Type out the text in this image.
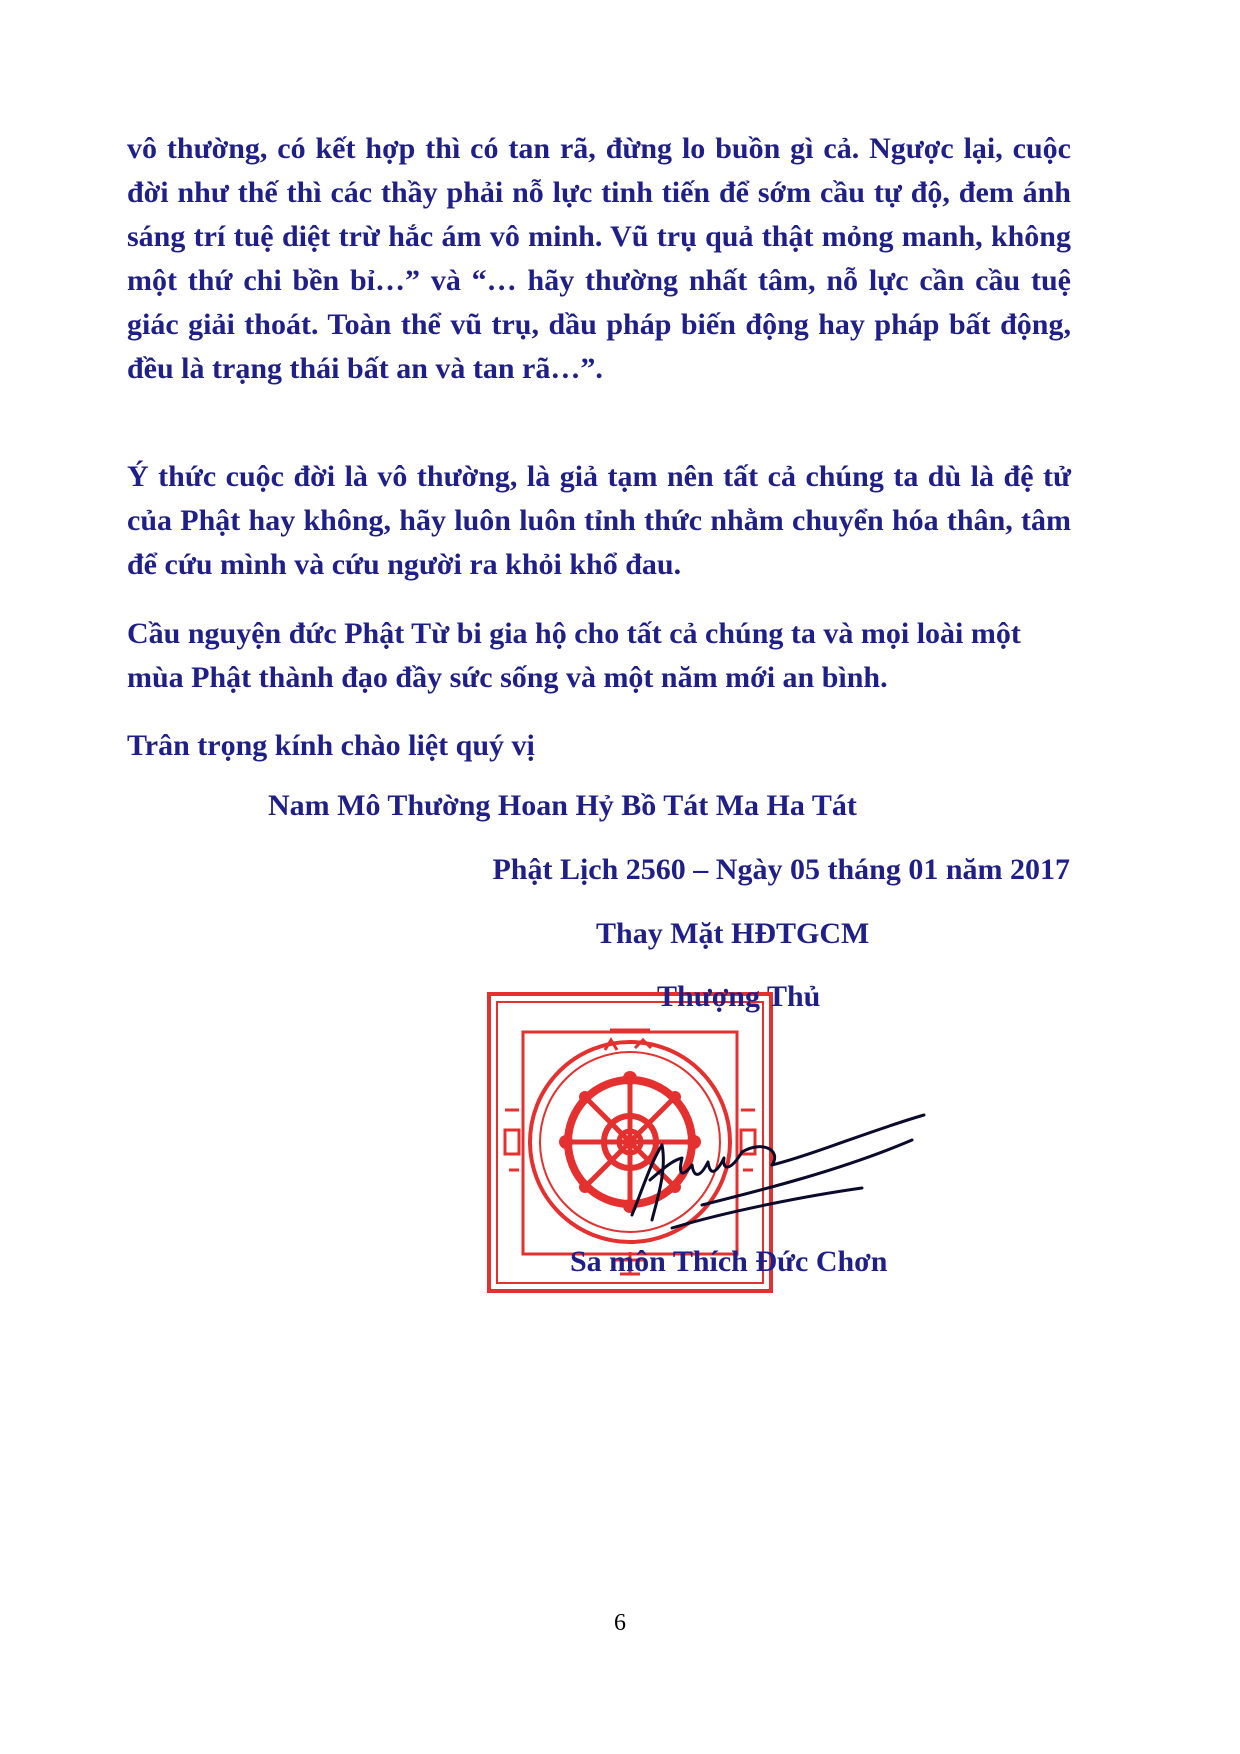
vô thường, có kết hợp thì có tan rã, đừng lo buồn gì cả. Ngược lại, cuộc đời như thế thì các thầy phải nỗ lực tinh tiến để sớm cầu tự độ, đem ánh sáng trí tuệ diệt trừ hắc ám vô minh. Vũ trụ quả thật mỏng manh, không một thứ chi bền bỉ…” và “… hãy thường nhất tâm, nỗ lực cần cầu tuệ giác giải thoát. Toàn thể vũ trụ, dầu pháp biến động hay pháp bất động, đều là trạng thái bất an và tan rã…”.

Ý thức cuộc đời là vô thường, là giả tạm nên tất cả chúng ta dù là đệ tử của Phật hay không, hãy luôn luôn tỉnh thức nhằm chuyển hóa thân, tâm để cứu mình và cứu người ra khỏi khổ đau.

Cầu nguyện đức Phật Từ bi gia hộ cho tất cả chúng ta và mọi loài một mùa Phật thành đạo đầy sức sống và một năm mới an bình.

Trân trọng kính chào liệt quý vị

Nam Mô Thường Hoan Hỷ Bồ Tát Ma Ha Tát
Phật Lịch 2560 – Ngày 05 tháng 01 năm 2017
Thay Mặt HĐTGCM
Thượng Thủ
Sa môn Thích Đức Chơn
6
